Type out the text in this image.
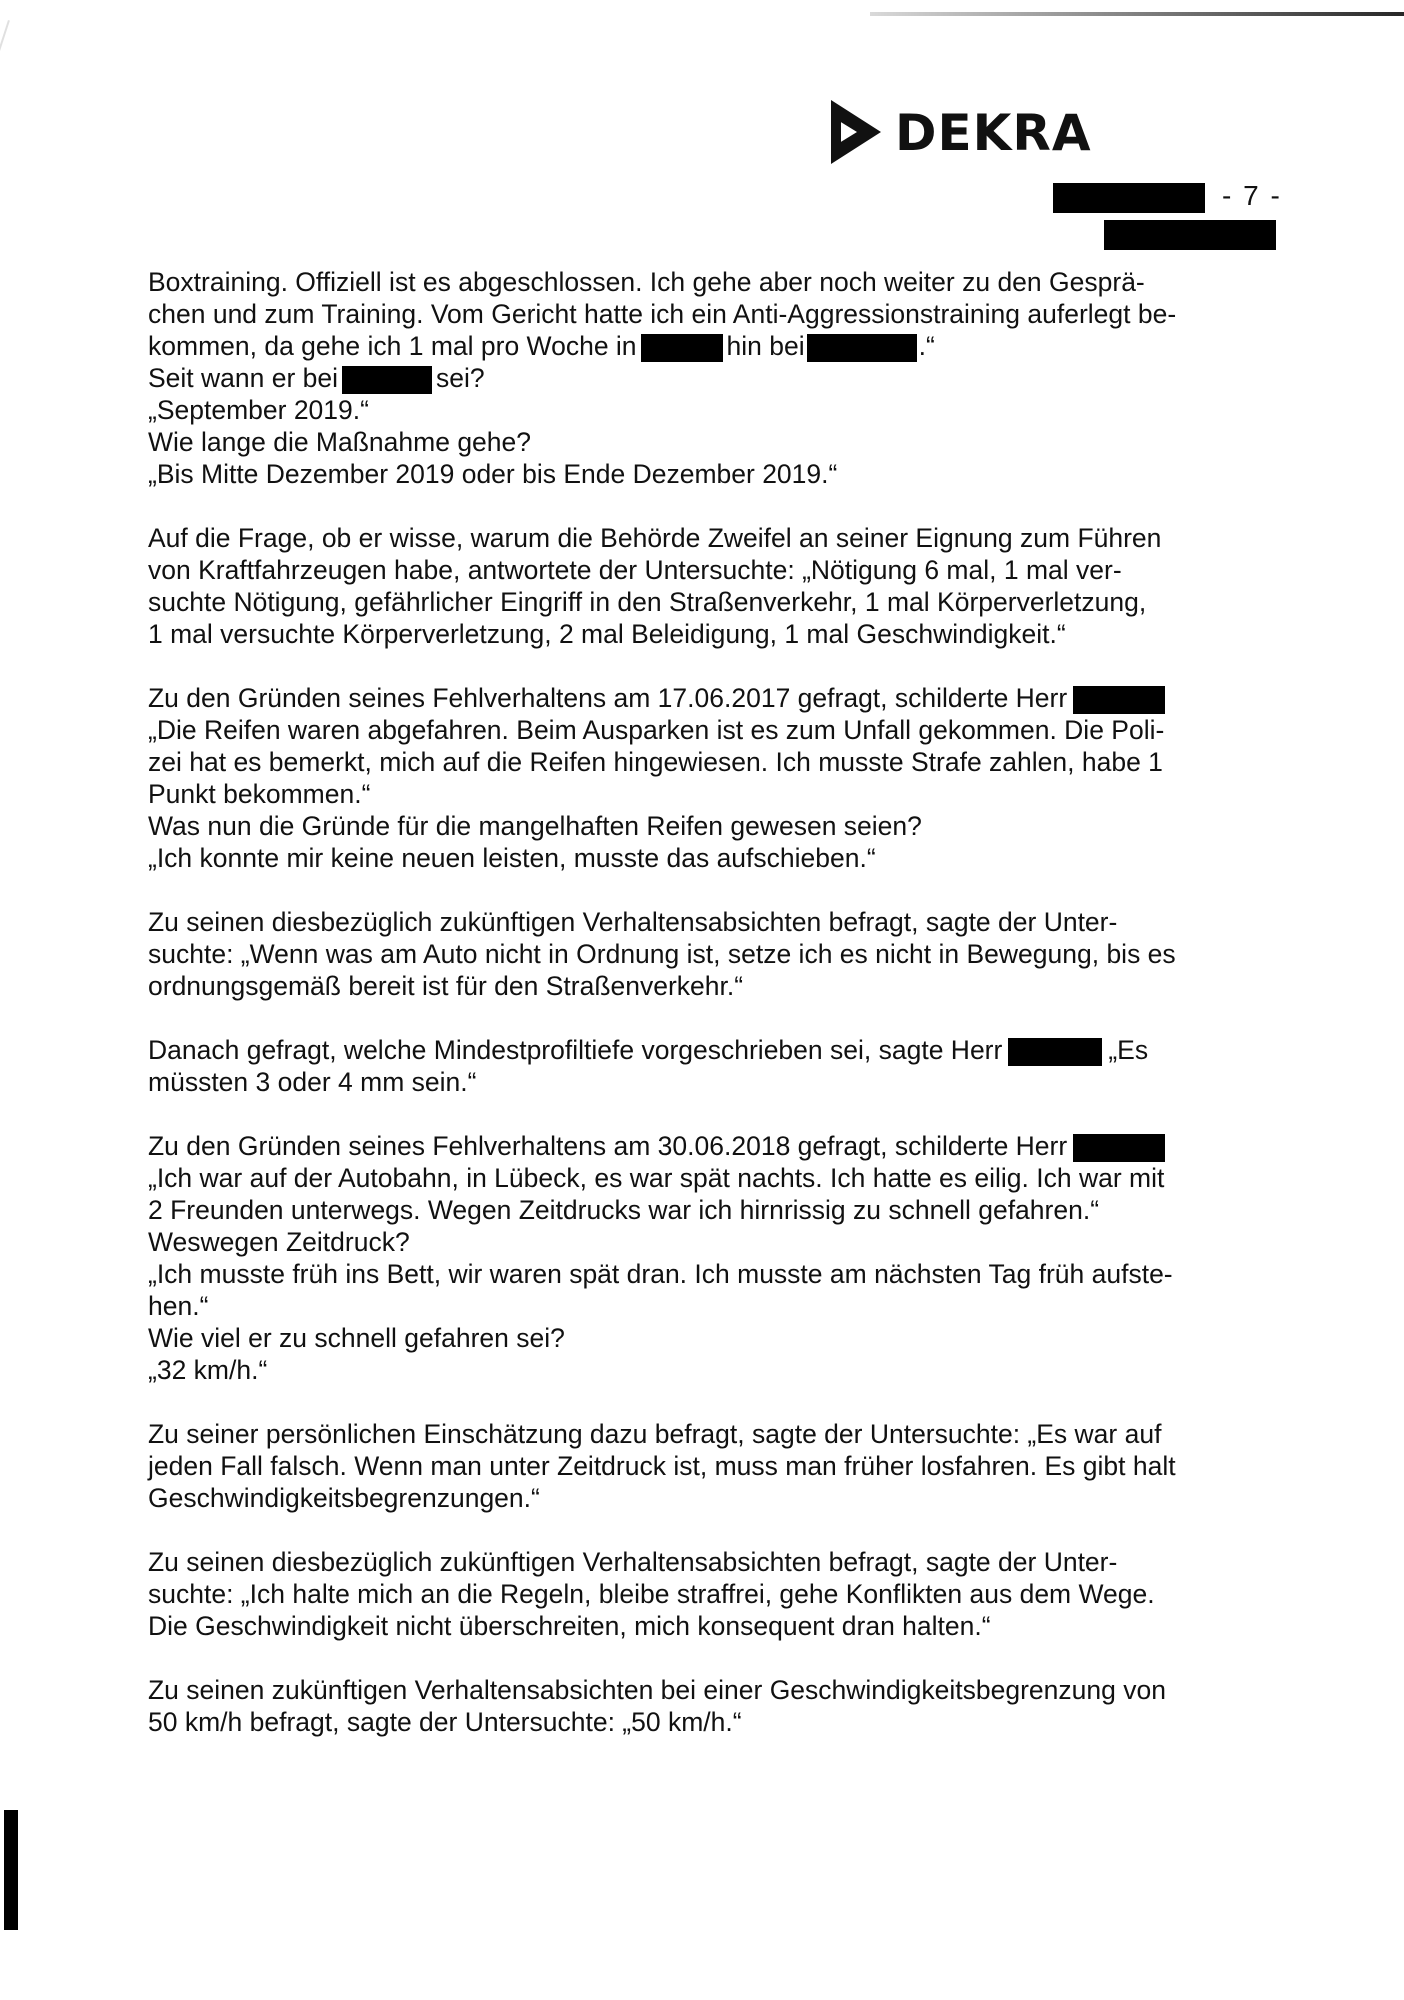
DEKRA
- 7 -
Boxtraining. Offiziell ist es abgeschlossen. Ich gehe aber noch weiter zu den Gesprä-
chen und zum Training. Vom Gericht hatte ich ein Anti-Aggressionstraining auferlegt be-
kommen, da gehe ich 1 mal pro Woche in	hin bei	.“
Seit wann er bei	sei?
„September 2019.“
Wie lange die Maßnahme gehe?
„Bis Mitte Dezember 2019 oder bis Ende Dezember 2019.“
Auf die Frage, ob er wisse, warum die Behörde Zweifel an seiner Eignung zum Führen
von Kraftfahrzeugen habe, antwortete der Untersuchte: „Nötigung 6 mal, 1 mal ver-
suchte Nötigung, gefährlicher Eingriff in den Straßenverkehr, 1 mal Körperverletzung,
1 mal versuchte Körperverletzung, 2 mal Beleidigung, 1 mal Geschwindigkeit.“
Zu den Gründen seines Fehlverhaltens am 17.06.2017 gefragt, schilderte Herr
„Die Reifen waren abgefahren. Beim Ausparken ist es zum Unfall gekommen. Die Poli-
zei hat es bemerkt, mich auf die Reifen hingewiesen. Ich musste Strafe zahlen, habe 1
Punkt bekommen.“
Was nun die Gründe für die mangelhaften Reifen gewesen seien?
„Ich konnte mir keine neuen leisten, musste das aufschieben.“
Zu seinen diesbezüglich zukünftigen Verhaltensabsichten befragt, sagte der Unter-
suchte: „Wenn was am Auto nicht in Ordnung ist, setze ich es nicht in Bewegung, bis es
ordnungsgemäß bereit ist für den Straßenverkehr.“
Danach gefragt, welche Mindestprofiltiefe vorgeschrieben sei, sagte Herr	„Es
müssten 3 oder 4 mm sein.“
Zu den Gründen seines Fehlverhaltens am 30.06.2018 gefragt, schilderte Herr
„Ich war auf der Autobahn, in Lübeck, es war spät nachts. Ich hatte es eilig. Ich war mit
2 Freunden unterwegs. Wegen Zeitdrucks war ich hirnrissig zu schnell gefahren.“
Weswegen Zeitdruck?
„Ich musste früh ins Bett, wir waren spät dran. Ich musste am nächsten Tag früh aufste-
hen.“
Wie viel er zu schnell gefahren sei?
„32 km/h.“
Zu seiner persönlichen Einschätzung dazu befragt, sagte der Untersuchte: „Es war auf
jeden Fall falsch. Wenn man unter Zeitdruck ist, muss man früher losfahren. Es gibt halt
Geschwindigkeitsbegrenzungen.“
Zu seinen diesbezüglich zukünftigen Verhaltensabsichten befragt, sagte der Unter-
suchte: „Ich halte mich an die Regeln, bleibe straffrei, gehe Konflikten aus dem Wege.
Die Geschwindigkeit nicht überschreiten, mich konsequent dran halten.“
Zu seinen zukünftigen Verhaltensabsichten bei einer Geschwindigkeitsbegrenzung von
50 km/h befragt, sagte der Untersuchte: „50 km/h.“
